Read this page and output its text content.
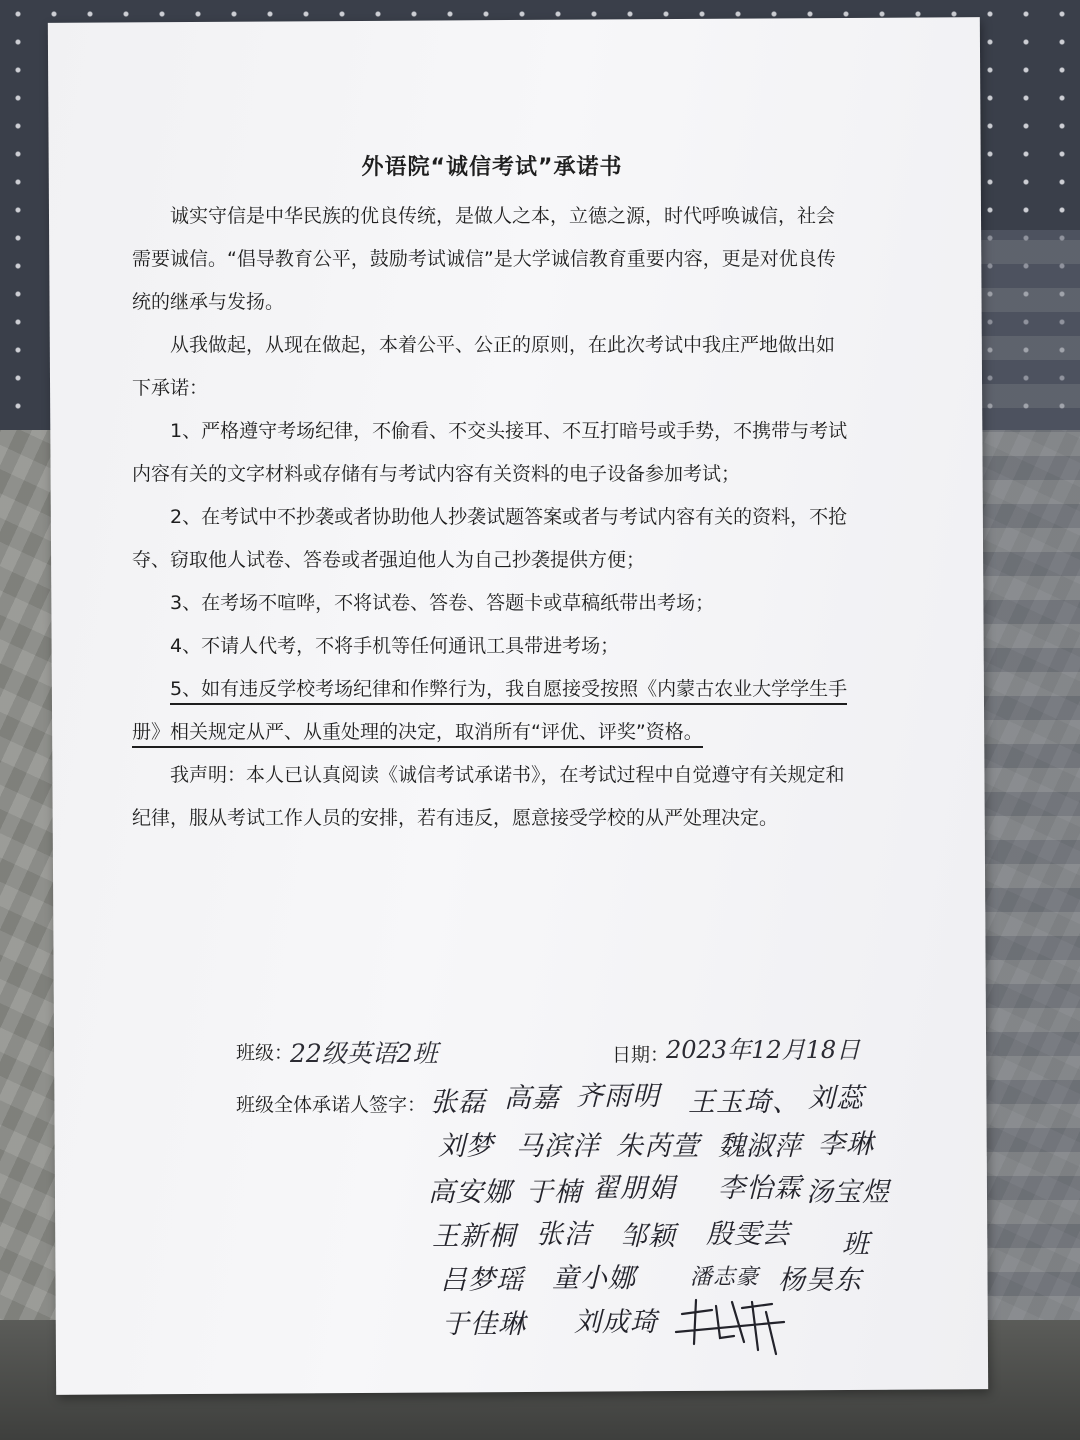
外语院“诚信考试”承诺书

诚实守信是中华民族的优良传统，是做人之本，立德之源，时代呼唤诚信，社会需要诚信。“倡导教育公平，鼓励考试诚信”是大学诚信教育重要内容，更是对优良传统的继承与发扬。

从我做起，从现在做起，本着公平、公正的原则，在此次考试中我庄严地做出如下承诺：

1、严格遵守考场纪律，不偷看、不交头接耳、不互打暗号或手势，不携带与考试内容有关的文字材料或存储有与考试内容有关资料的电子设备参加考试；

2、在考试中不抄袭或者协助他人抄袭试题答案或者与考试内容有关的资料，不抢夺、窃取他人试卷、答卷或者强迫他人为自己抄袭提供方便；

3、在考场不喧哗，不将试卷、答卷、答题卡或草稿纸带出考场；

4、不请人代考，不将手机等任何通讯工具带进考场；

5、如有违反学校考场纪律和作弊行为，我自愿接受按照《内蒙古农业大学学生手册》相关规定从严、从重处理的决定，取消所有“评优、评奖”资格。

我声明：本人已认真阅读《诚信考试承诺书》，在考试过程中自觉遵守有关规定和纪律，服从考试工作人员的安排，若有违反，愿意接受学校的从严处理决定。

班级：
22级英语2班	日期：
2023年12月18日
班级全体承诺人签字： 张磊 高嘉 齐雨明 王玉琦、 刘蕊
刘梦 马滨洋 朱芮萱 魏淑萍 李琳
高安娜 于楠 翟朋娟 李怡霖 汤宝煜
王新桐 张洁 邹颖 殷雯芸 班
吕梦瑶 童小娜 潘志豪 杨昊东
于佳琳 刘成琦
